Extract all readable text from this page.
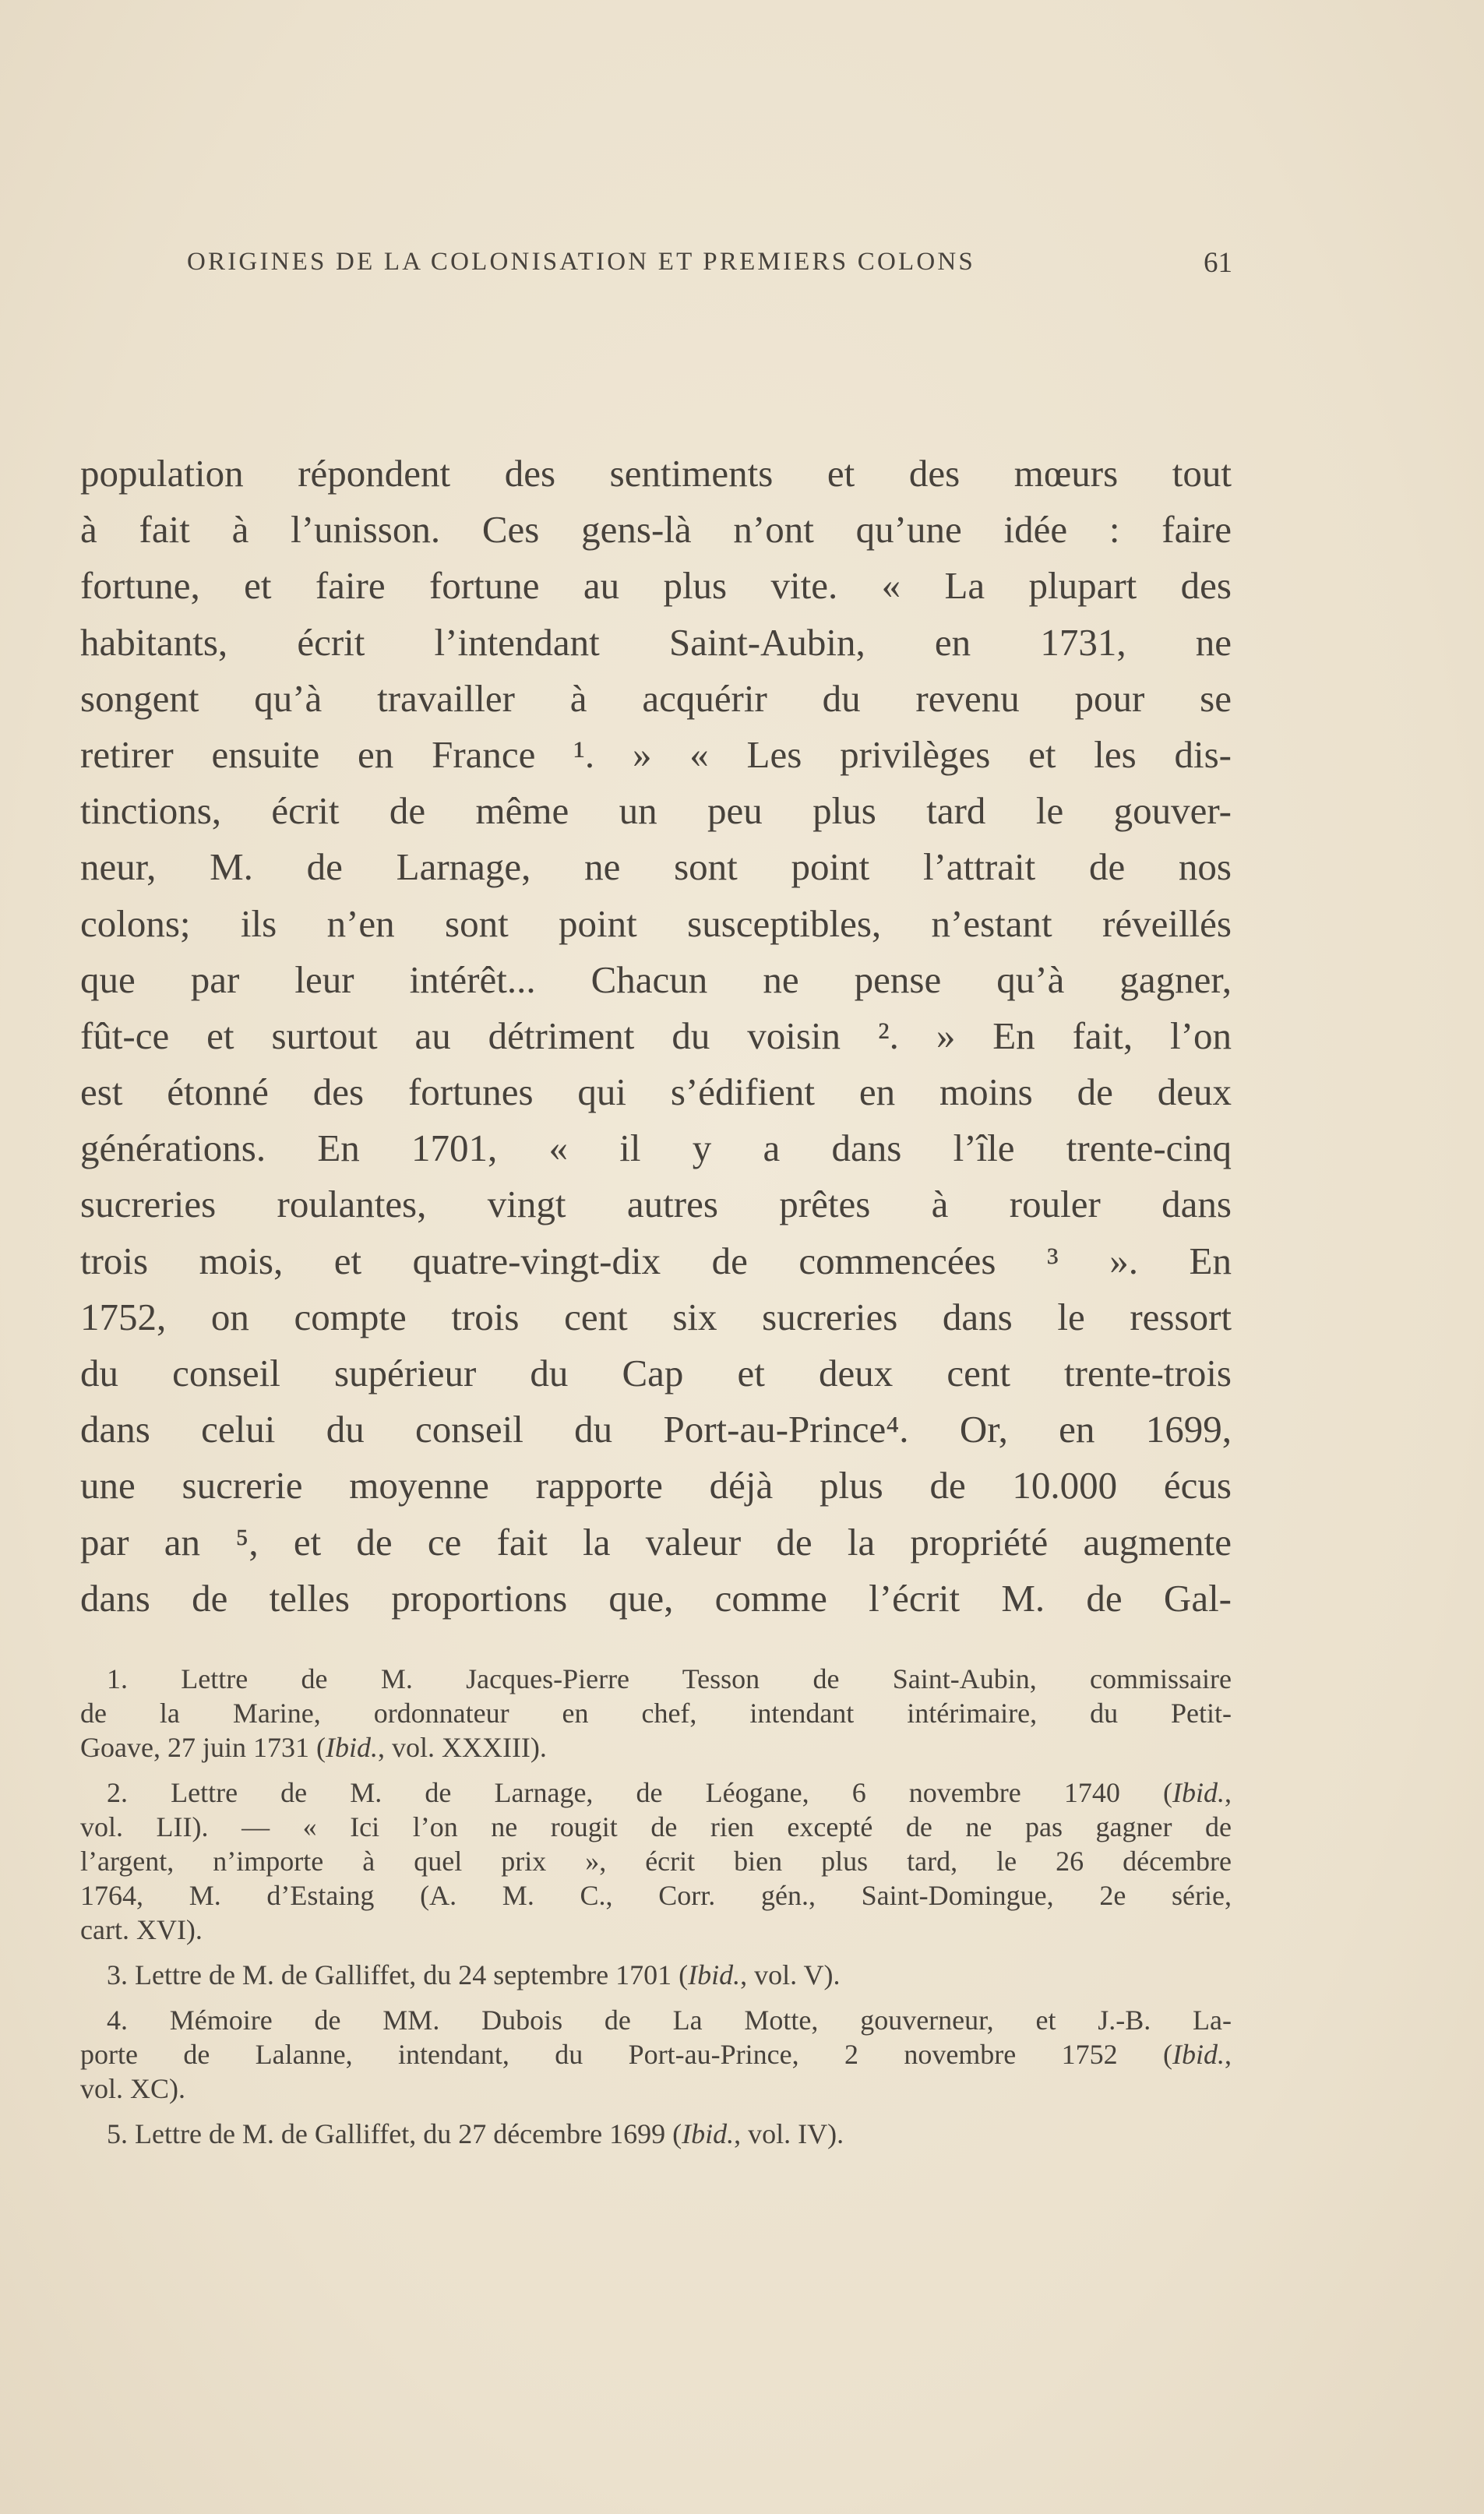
ORIGINES DE LA COLONISATION ET PREMIERS COLONS	61
population répondent des sentiments et des mœurs tout
à fait à l’unisson. Ces gens-là n’ont qu’une idée : faire
fortune, et faire fortune au plus vite. « La plupart des
habitants, écrit l’intendant Saint-Aubin, en 1731, ne
songent qu’à travailler à acquérir du revenu pour se
retirer ensuite en France ¹. » « Les privilèges et les dis-
tinctions, écrit de même un peu plus tard le gouver-
neur, M. de Larnage, ne sont point l’attrait de nos
colons; ils n’en sont point susceptibles, n’estant réveillés
que par leur intérêt... Chacun ne pense qu’à gagner,
fût-ce et surtout au détriment du voisin ². » En fait, l’on
est étonné des fortunes qui s’édifient en moins de deux
générations. En 1701, « il y a dans l’île trente-cinq
sucreries roulantes, vingt autres prêtes à rouler dans
trois mois, et quatre-vingt-dix de commencées ³ ». En
1752, on compte trois cent six sucreries dans le ressort
du conseil supérieur du Cap et deux cent trente-trois
dans celui du conseil du Port-au-Prince⁴. Or, en 1699,
une sucrerie moyenne rapporte déjà plus de 10.000 écus
par an ⁵, et de ce fait la valeur de la propriété augmente
dans de telles proportions que, comme l’écrit M. de Gal-
1. Lettre de M. Jacques-Pierre Tesson de Saint-Aubin, commissaire
de la Marine, ordonnateur en chef, intendant intérimaire, du Petit-
Goave, 27 juin 1731 (Ibid., vol. XXXIII).
2. Lettre de M. de Larnage, de Léogane, 6 novembre 1740 (Ibid.,
vol. LII). — « Ici l’on ne rougit de rien excepté de ne pas gagner de
l’argent, n’importe à quel prix », écrit bien plus tard, le 26 décembre
1764, M. d’Estaing (A. M. C., Corr. gén., Saint-Domingue, 2e série,
cart. XVI).
3. Lettre de M. de Galliffet, du 24 septembre 1701 (Ibid., vol. V).
4. Mémoire de MM. Dubois de La Motte, gouverneur, et J.-B. La-
porte de Lalanne, intendant, du Port-au-Prince, 2 novembre 1752 (Ibid.,
vol. XC).
5. Lettre de M. de Galliffet, du 27 décembre 1699 (Ibid., vol. IV).
